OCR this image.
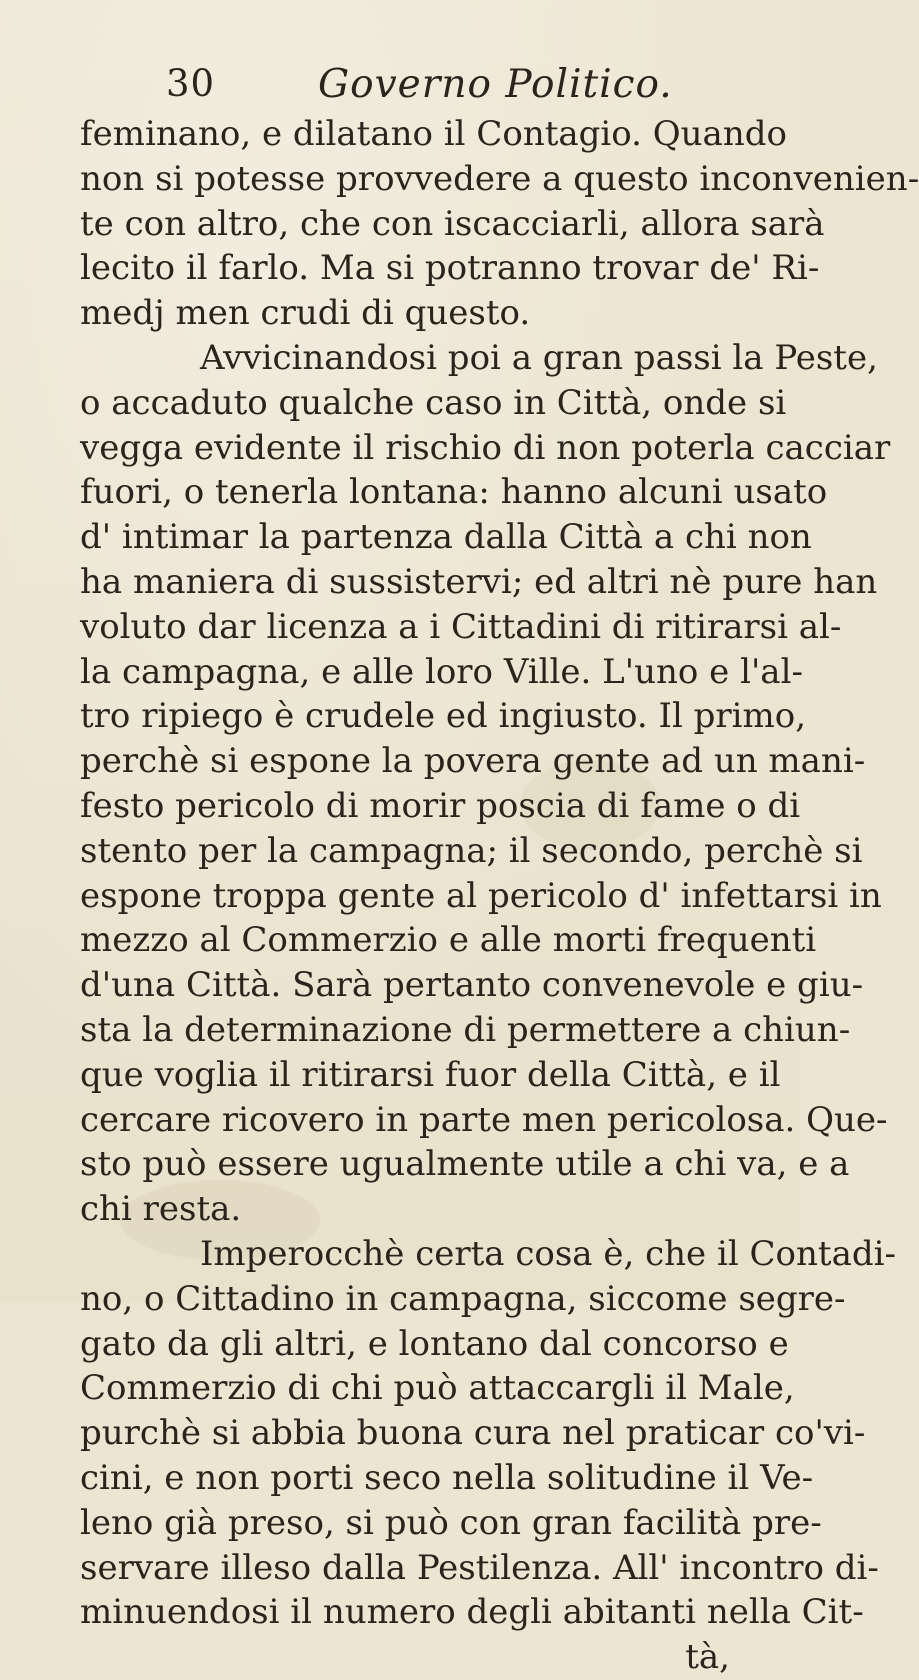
30	Governo Politico.
feminano, e dilatano il Contagio. Quando
non si potesse provvedere a questo inconvenien-
te con altro, che con iscacciarli, allora sarà
lecito il farlo. Ma si potranno trovar de' Ri-
medj men crudi di questo.
Avvicinandosi poi a gran passi la Peste,
o accaduto qualche caso in Città, onde si
vegga evidente il rischio di non poterla cacciar
fuori, o tenerla lontana: hanno alcuni usato
d' intimar la partenza dalla Città a chi non
ha maniera di sussistervi; ed altri nè pure han
voluto dar licenza a i Cittadini di ritirarsi al-
la campagna, e alle loro Ville. L'uno e l'al-
tro ripiego è crudele ed ingiusto. Il primo,
perchè si espone la povera gente ad un mani-
festo pericolo di morir poscia di fame o di
stento per la campagna; il secondo, perchè si
espone troppa gente al pericolo d' infettarsi in
mezzo al Commerzio e alle morti frequenti
d'una Città. Sarà pertanto convenevole e giu-
sta la determinazione di permettere a chiun-
que voglia il ritirarsi fuor della Città, e il
cercare ricovero in parte men pericolosa. Que-
sto può essere ugualmente utile a chi va, e a
chi resta.
Imperocchè certa cosa è, che il Contadi-
no, o Cittadino in campagna, siccome segre-
gato da gli altri, e lontano dal concorso e
Commerzio di chi può attaccargli il Male,
purchè si abbia buona cura nel praticar co'vi-
cini, e non porti seco nella solitudine il Ve-
leno già preso, si può con gran facilità pre-
servare illeso dalla Pestilenza. All' incontro di-
minuendosi il numero degli abitanti nella Cit-
tà,
